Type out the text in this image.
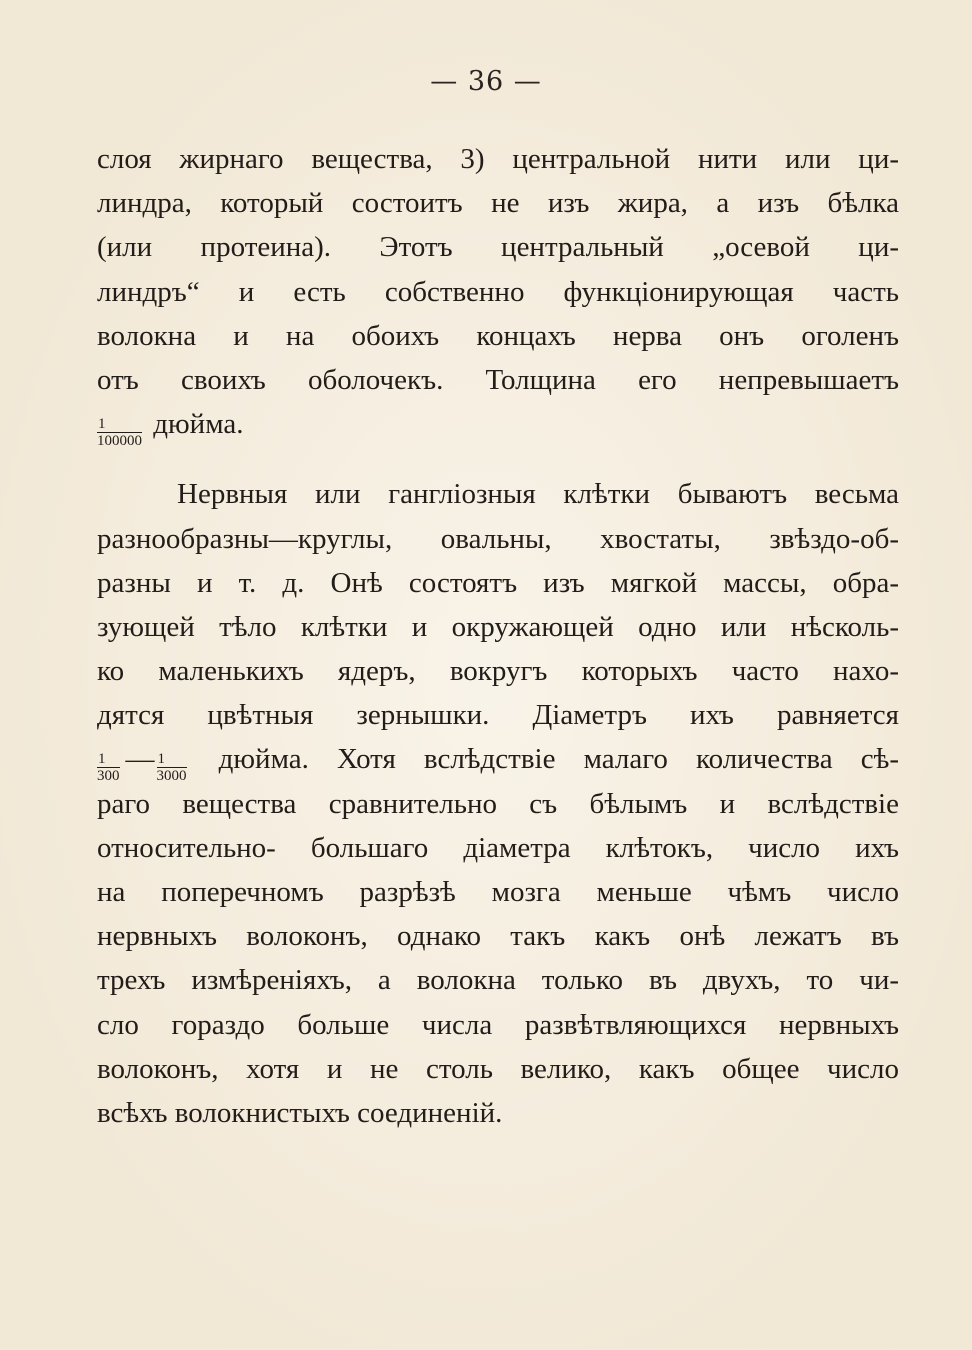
— 36 —
слоя жирнаго вещества, 3) центральной нити или ци-
линдра, который состоитъ не изъ жира, а изъ бѣлка
(или протеина). Этотъ центральный „осевой ци-
линдръ“ и есть собственно функціонирующая часть
волокна и на обоихъ концахъ нерва онъ оголенъ
отъ своихъ оболочекъ. Толщина его непревышаетъ
$\frac{1}{100000}$ дюйма.
Нервныя или гангліозныя клѣтки бываютъ весьма
разнообразны—круглы, овальны, хвостаты, звѣздо-об-
разны и т. д. Онѣ состоятъ изъ мягкой массы, обра-
зующей тѣло клѣтки и окружающей одно или нѣсколь-
ко маленькихъ ядеръ, вокругъ которыхъ часто нахо-
дятся цвѣтныя зернышки. Діаметръ ихъ равняется
$\frac{1}{300}$ — $\frac{1}{3000}$ дюйма. Хотя вслѣдствіе малаго количества сѣ-
раго вещества сравнительно съ бѣлымъ и вслѣдствіе
относительно- большаго діаметра клѣтокъ, число ихъ
на поперечномъ разрѣзѣ мозга меньше чѣмъ число
нервныхъ волоконъ, однако такъ какъ онѣ лежатъ въ
трехъ измѣреніяхъ, а волокна только въ двухъ, то чи-
сло гораздо больше числа развѣтвляющихся нервныхъ
волоконъ, хотя и не столь велико, какъ общее число
всѣхъ волокнистыхъ соединеній.
